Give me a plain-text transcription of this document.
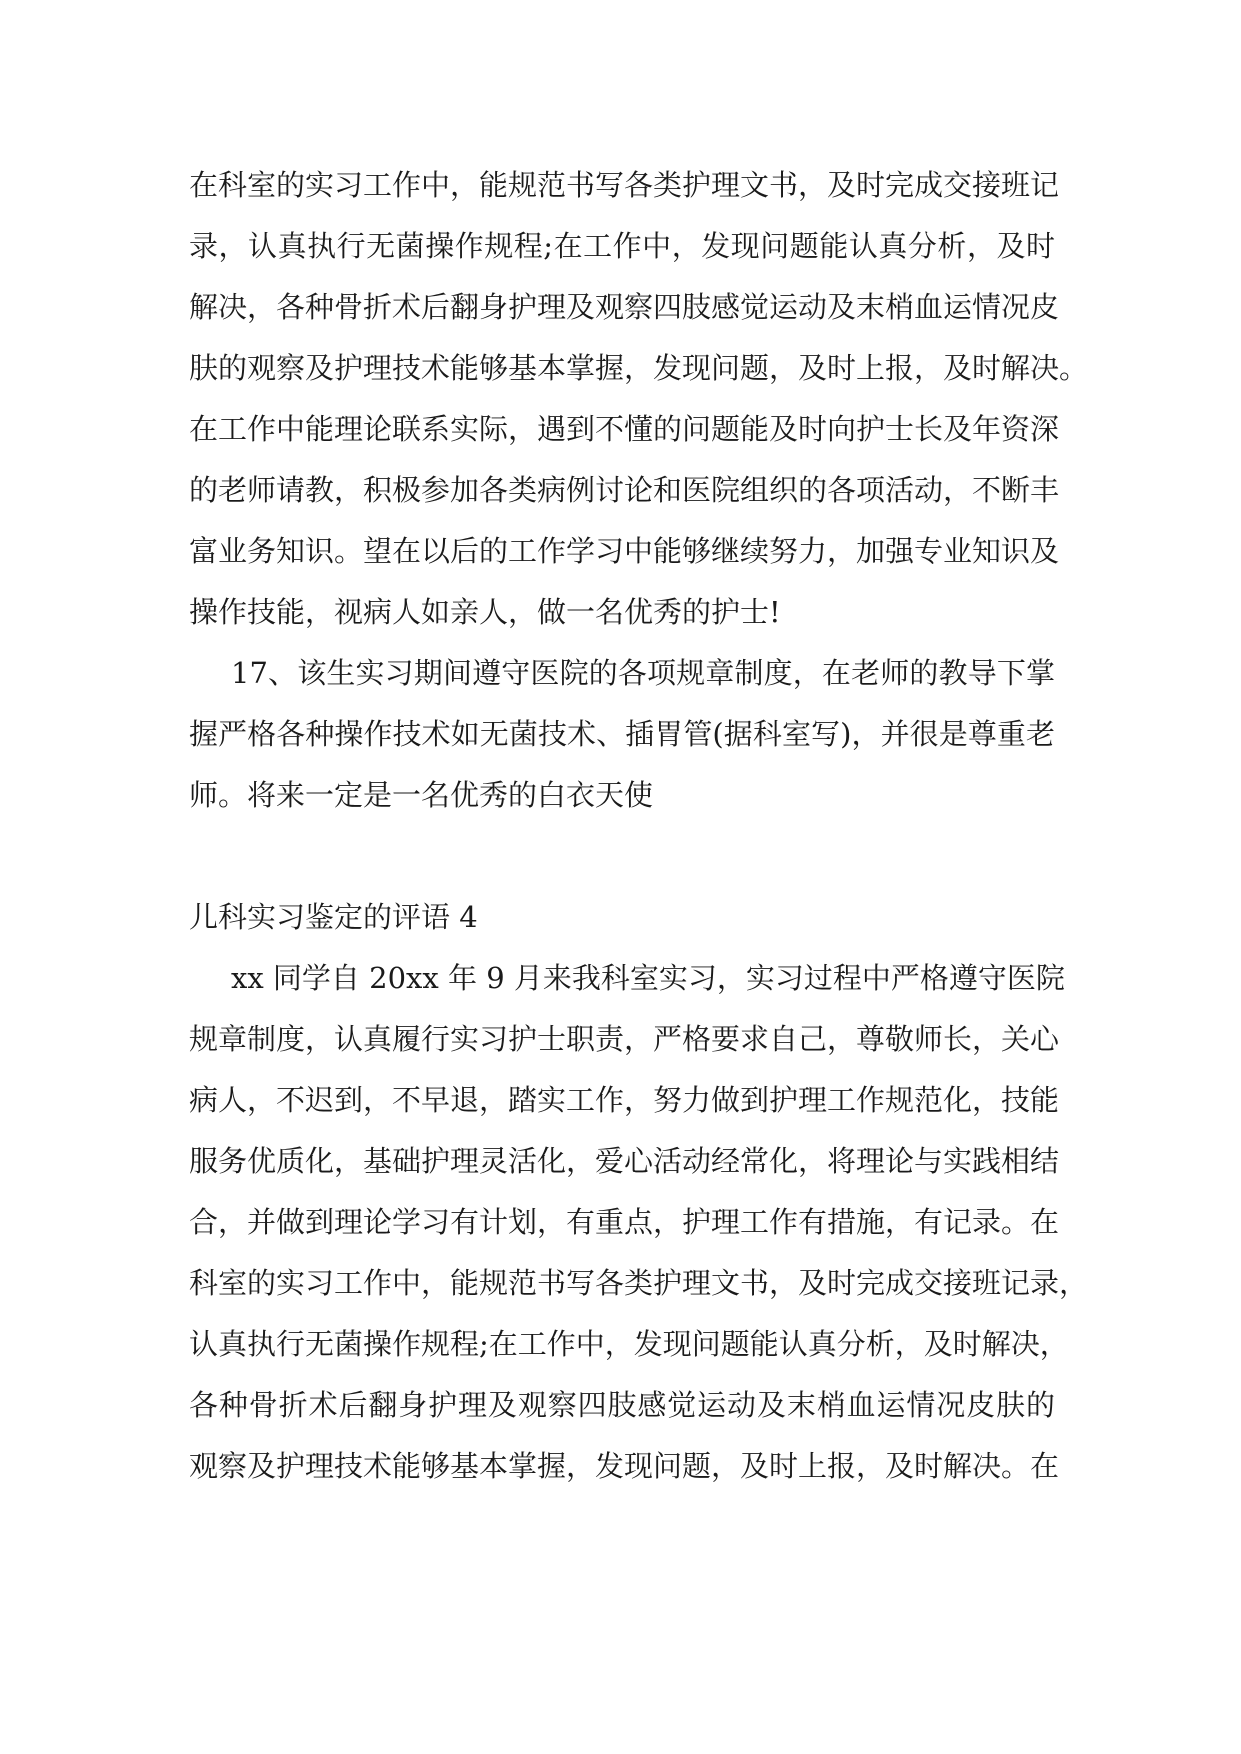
在科室的实习工作中，能规范书写各类护理文书，及时完成交接班记

录，认真执行无菌操作规程;在工作中，发现问题能认真分析，及时

解决，各种骨折术后翻身护理及观察四肢感觉运动及末梢血运情况皮

肤的观察及护理技术能够基本掌握，发现问题，及时上报，及时解决。

在工作中能理论联系实际，遇到不懂的问题能及时向护士长及年资深

的老师请教，积极参加各类病例讨论和医院组织的各项活动，不断丰

富业务知识。望在以后的工作学习中能够继续努力，加强专业知识及

操作技能，视病人如亲人，做一名优秀的护士!

17、该生实习期间遵守医院的各项规章制度，在老师的教导下掌

握严格各种操作技术如无菌技术、插胃管(据科室写)，并很是尊重老

师。将来一定是一名优秀的白衣天使

儿科实习鉴定的评语 4

xx 同学自 20xx 年 9 月来我科室实习，实习过程中严格遵守医院

规章制度，认真履行实习护士职责，严格要求自己，尊敬师长，关心

病人，不迟到，不早退，踏实工作，努力做到护理工作规范化，技能

服务优质化，基础护理灵活化，爱心活动经常化，将理论与实践相结

合，并做到理论学习有计划，有重点，护理工作有措施，有记录。在

科室的实习工作中，能规范书写各类护理文书，及时完成交接班记录，

认真执行无菌操作规程;在工作中，发现问题能认真分析，及时解决，

各种骨折术后翻身护理及观察四肢感觉运动及末梢血运情况皮肤的

观察及护理技术能够基本掌握，发现问题，及时上报，及时解决。在
